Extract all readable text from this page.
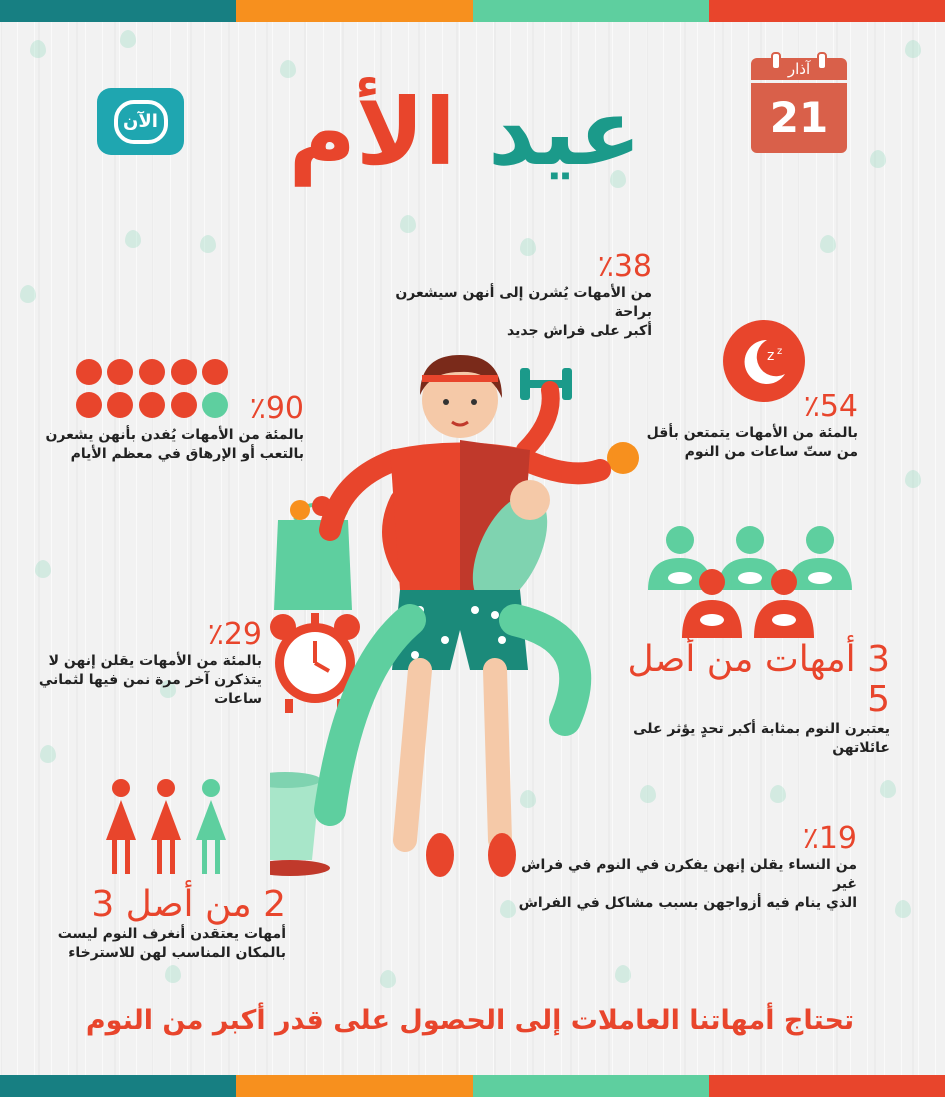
الآن	عيد الأم
آذار
21
٪38
من الأمهات يُشرن إلى أنهن سيشعرن براحة
أكبر على فراش جديد
٪90
بالمئة من الأمهات يُفدن بأنهن يشعرن
بالتعب أو الإرهاق في معظم الأيام
z z
٪54
بالمئة من الأمهات يتمتعن بأقل
من ستّ ساعات من النوم
3 أمهات من أصل 5
يعتبرن النوم بمثابة أكبر تحدٍ يؤثر على
عائلاتهن
٪29
بالمئة من الأمهات يقلن إنهن لا
يتذكرن آخر مرة نمن فيها لثماني
ساعات
2 من أصل 3
أمهات يعتقدن أنغرف النوم ليست
بالمكان المناسب لهن للاسترخاء
٪19
من النساء يقلن إنهن يفكرن في النوم في فراش غير
الذي ينام فيه أزواجهن بسبب مشاكل في الفراش
تحتاج أمهاتنا العاملات إلى الحصول على قدر أكبر من النوم
